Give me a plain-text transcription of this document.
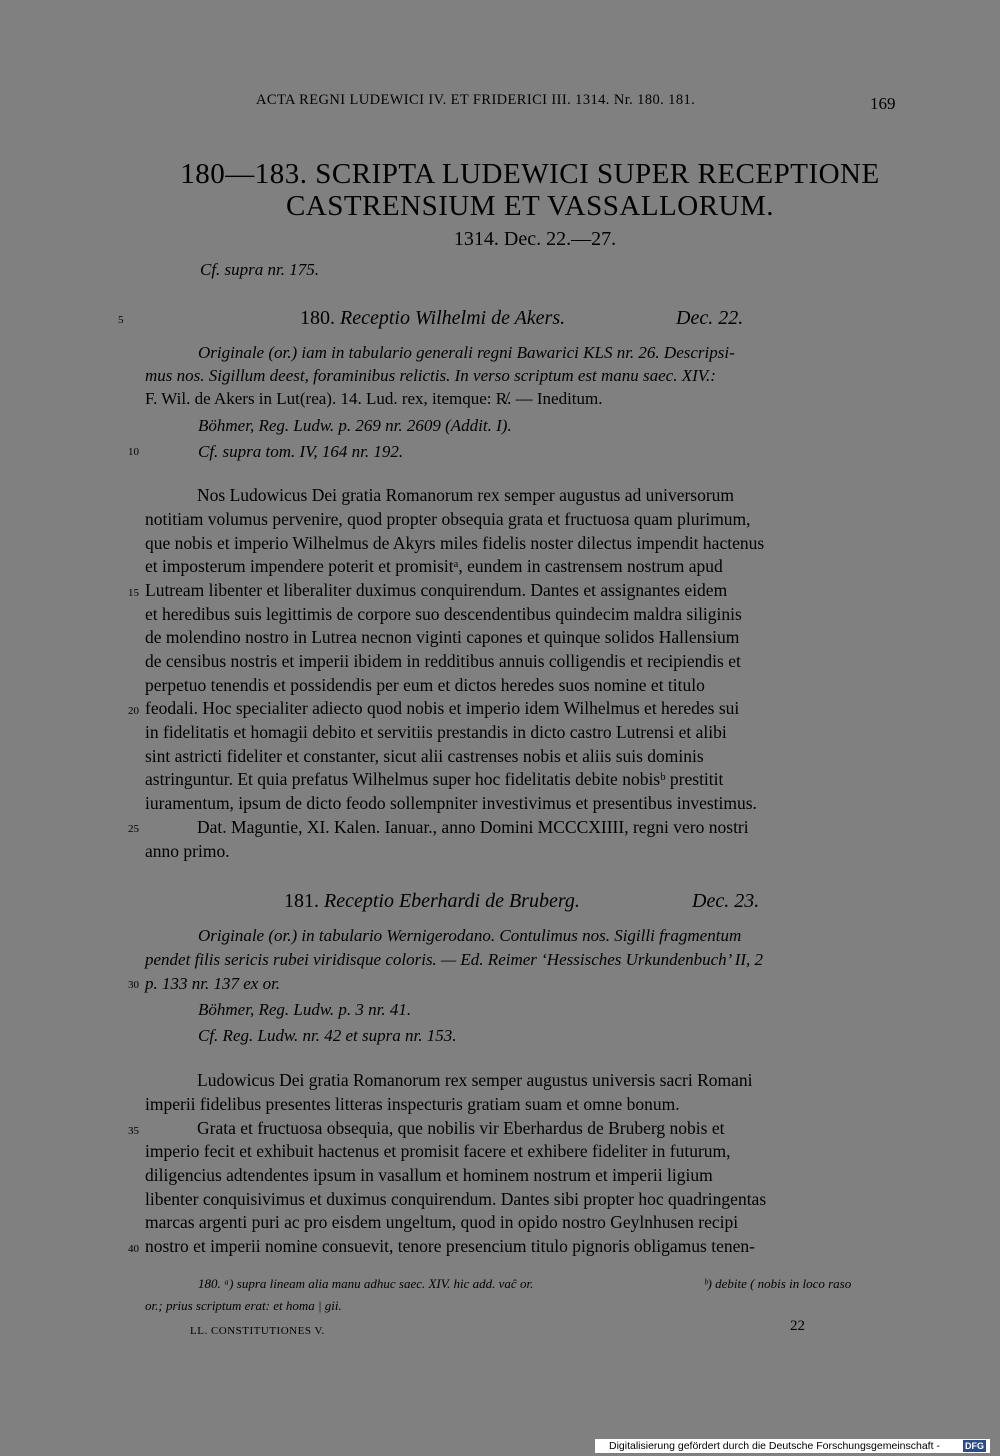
ACTA REGNI LUDEWICI IV. ET FRIDERICI III. 1314. Nr. 180. 181.	169
180—183. SCRIPTA LUDEWICI SUPER RECEPTIONE
CASTRENSIUM ET VASSALLORUM.
1314. Dec. 22.—27.
Cf. supra nr. 175.
5
10
15
20
25
30
35
40
180. Receptio Wilhelmi de Akers.	Dec. 22.
Originale (or.) iam in tabulario generali regni Bawarici KLS nr. 26. Descripsi-
mus nos. Sigillum deest, foraminibus relictis. In verso scriptum est manu saec. XIV.:
F. Wil. de Akers in Lut(rea). 14. Lud. rex, itemque: R̸. — Ineditum.
Böhmer, Reg. Ludw. p. 269 nr. 2609 (Addit. I).
Cf. supra tom. IV, 164 nr. 192.
Nos Ludowicus Dei gratia Romanorum rex semper augustus ad universorum
notitiam volumus pervenire, quod propter obsequia grata et fructuosa quam plurimum,
que nobis et imperio Wilhelmus de Akyrs miles fidelis noster dilectus impendit hactenus
et imposterum impendere poterit et promisitᵃ, eundem in castrensem nostrum apud
Lutream libenter et liberaliter duximus conquirendum. Dantes et assignantes eidem
et heredibus suis legittimis de corpore suo descendentibus quindecim maldra siliginis
de molendino nostro in Lutrea necnon viginti capones et quinque solidos Hallensium
de censibus nostris et imperii ibidem in redditibus annuis colligendis et recipiendis et
perpetuo tenendis et possidendis per eum et dictos heredes suos nomine et titulo
feodali. Hoc specialiter adiecto quod nobis et imperio idem Wilhelmus et heredes sui
in fidelitatis et homagii debito et servitiis prestandis in dicto castro Lutrensi et alibi
sint astricti fideliter et constanter, sicut alii castrenses nobis et aliis suis dominis
astringuntur. Et quia prefatus Wilhelmus super hoc fidelitatis debite nobisᵇ prestitit
iuramentum, ipsum de dicto feodo sollempniter investivimus et presentibus investimus.
Dat. Maguntie, XI. Kalen. Ianuar., anno Domini MCCCXIIII, regni vero nostri
anno primo.
181. Receptio Eberhardi de Bruberg.	Dec. 23.
Originale (or.) in tabulario Wernigerodano. Contulimus nos. Sigilli fragmentum
pendet filis sericis rubei viridisque coloris. — Ed. Reimer ‘Hessisches Urkundenbuch’ II, 2
p. 133 nr. 137 ex or.
Böhmer, Reg. Ludw. p. 3 nr. 41.
Cf. Reg. Ludw. nr. 42 et supra nr. 153.
Ludowicus Dei gratia Romanorum rex semper augustus universis sacri Romani
imperii fidelibus presentes litteras inspecturis gratiam suam et omne bonum.
Grata et fructuosa obsequia, que nobilis vir Eberhardus de Bruberg nobis et
imperio fecit et exhibuit hactenus et promisit facere et exhibere fideliter in futurum,
diligencius adtendentes ipsum in vasallum et hominem nostrum et imperii ligium
libenter conquisivimus et duximus conquirendum. Dantes sibi propter hoc quadringentas
marcas argenti puri ac pro eisdem ungeltum, quod in opido nostro Geylnhusen recipi
nostro et imperii nomine consuevit, tenore presencium titulo pignoris obligamus tenen-
180. ᵃ) supra lineam alia manu adhuc saec. XIV. hic add. vaĉ or.	ᵇ) debite ( nobis in loco raso
or.; prius scriptum erat: et homa | gii.
LL. CONSTITUTIONES V.	22
Digitalisierung gefördert durch die Deutsche Forschungsgemeinschaft -	DFG
